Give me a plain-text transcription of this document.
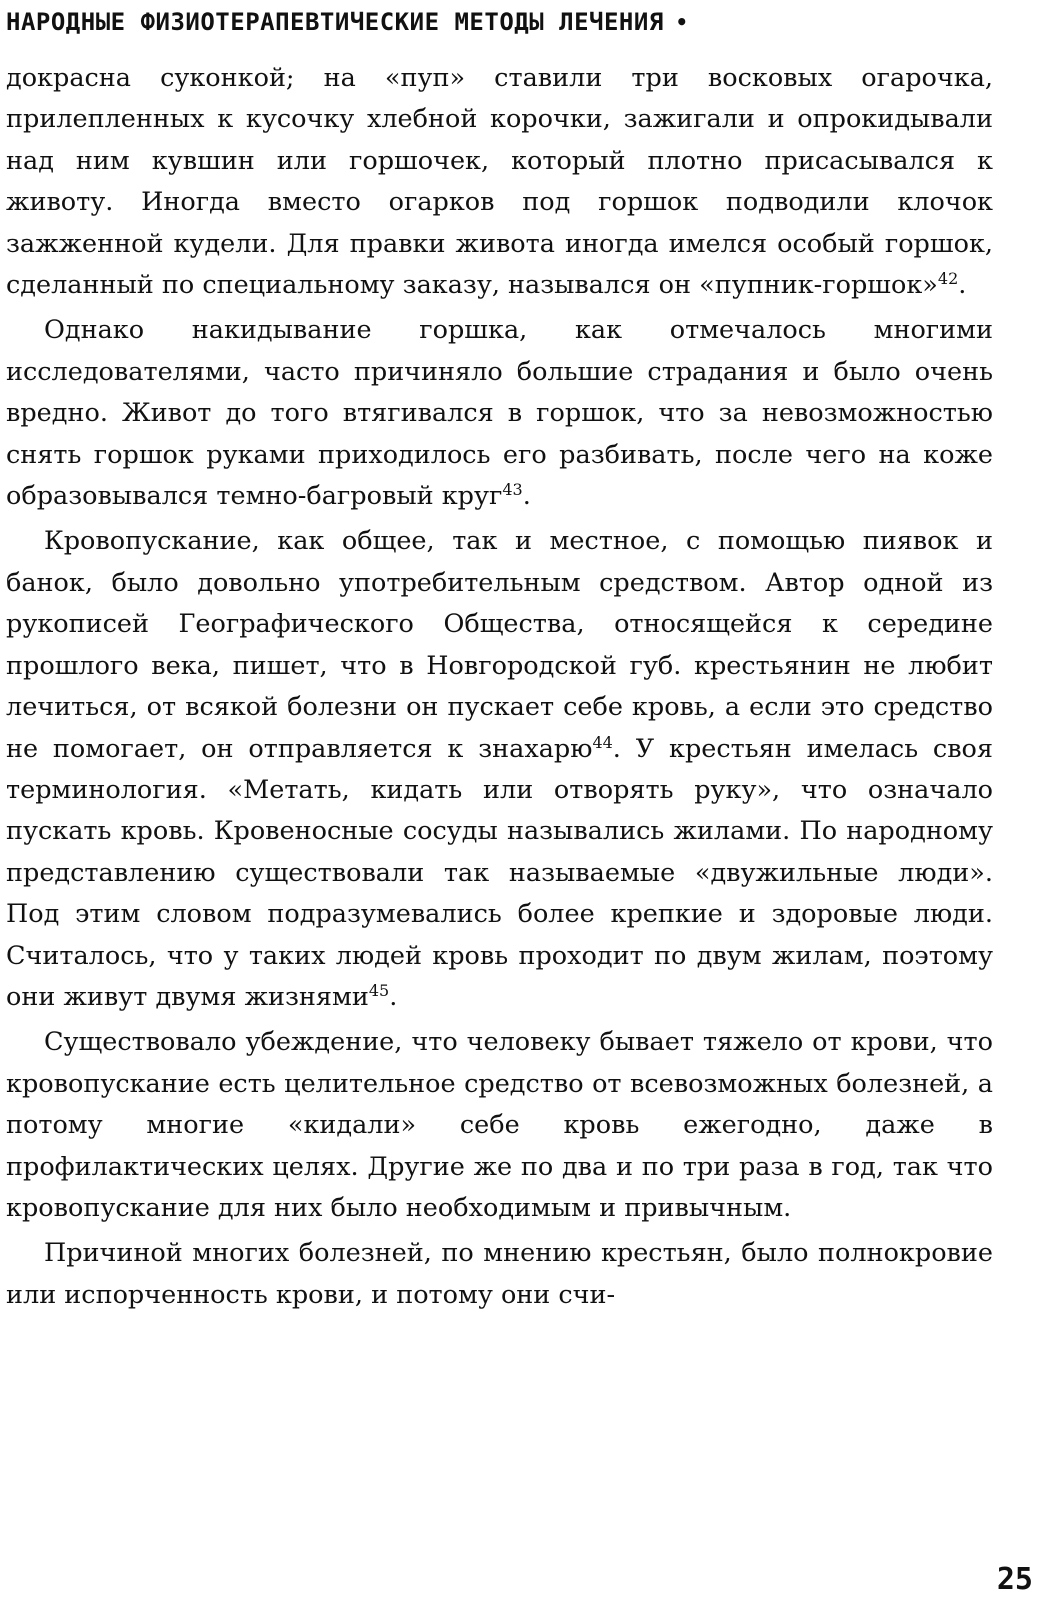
НАРОДНЫЕ ФИЗИОТЕРАПЕВТИЧЕСКИЕ МЕТОДЫ ЛЕЧЕНИЯ •

докрасна суконкой; на «пуп» ставили три восковых огарочка, прилепленных к кусочку хлебной корочки, зажигали и опрокидывали над ним кувшин или горшочек, который плотно присасывался к животу. Иногда вместо огарков под горшок подводили клочок зажженной кудели. Для правки живота иногда имелся особый горшок, сделанный по специальному заказу, назывался он «пупник-горшок»$^{42}$.

Однако накидывание горшка, как отмечалось многими исследователями, часто причиняло большие страдания и было очень вредно. Живот до того втягивался в горшок, что за невозможностью снять горшок руками приходилось его разбивать, после чего на коже образовывался темно-багровый круг$^{43}$.

Кровопускание, как общее, так и местное, с помощью пиявок и банок, было довольно употребительным средством. Автор одной из рукописей Географического Общества, относящейся к середине прошлого века, пишет, что в Новгородской губ. крестьянин не любит лечиться, от всякой болезни он пускает себе кровь, а если это средство не помогает, он отправляется к знахарю$^{44}$. У крестьян имелась своя терминология. «Метать, кидать или отворять руку», что означало пускать кровь. Кровеносные сосуды назывались жилами. По народному представлению существовали так называемые «двужильные люди». Под этим словом подразумевались более крепкие и здоровые люди. Считалось, что у таких людей кровь проходит по двум жилам, поэтому они живут двумя жизнями$^{45}$.

Существовало убеждение, что человеку бывает тяжело от крови, что кровопускание есть целительное средство от всевозможных болезней, а потому многие «кидали» себе кровь ежегодно, даже в профилактических целях. Другие же по два и по три раза в год, так что кровопускание для них было необходимым и привычным.

Причиной многих болезней, по мнению крестьян, было полнокровие или испорченность крови, и потому они счи-

25
